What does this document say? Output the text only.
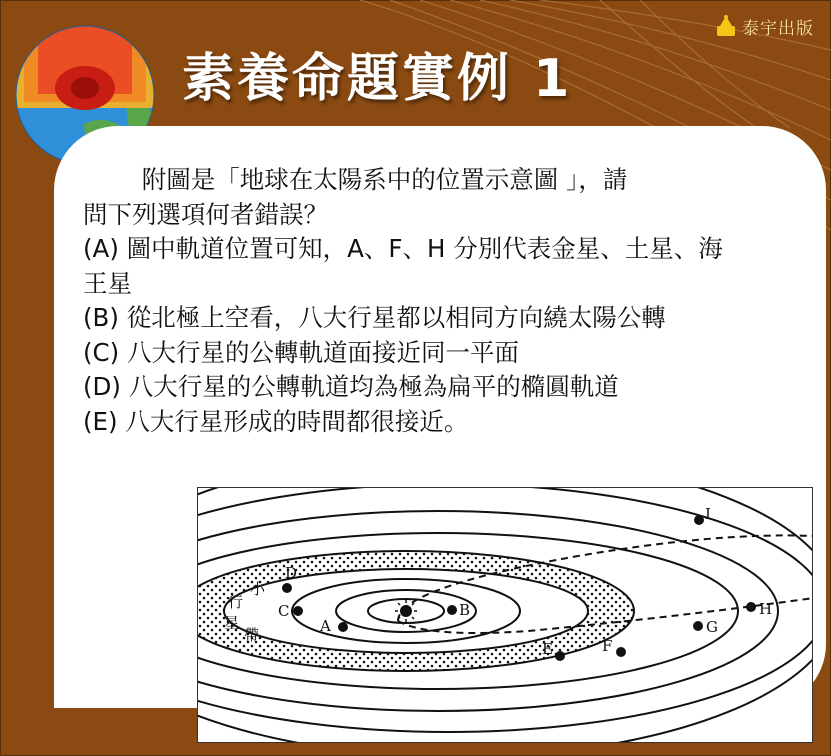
泰宇出版
素養命題實例 1

附圖是「地球在太陽系中的位置示意圖 」，請

問下列選項何者錯誤？

(A) 圖中軌道位置可知，A、F、H 分別代表金星、土星、海王星

(B) 從北極上空看，八大行星都以相同方向繞太陽公轉

(C) 八大行星的公轉軌道面接近同一平面

(D) 八大行星的公轉軌道均為極為扁平的橢圓軌道

(E) 八大行星形成的時間都很接近。

B
A
C
D
E	F
G
H
I
小
行
星
帶
